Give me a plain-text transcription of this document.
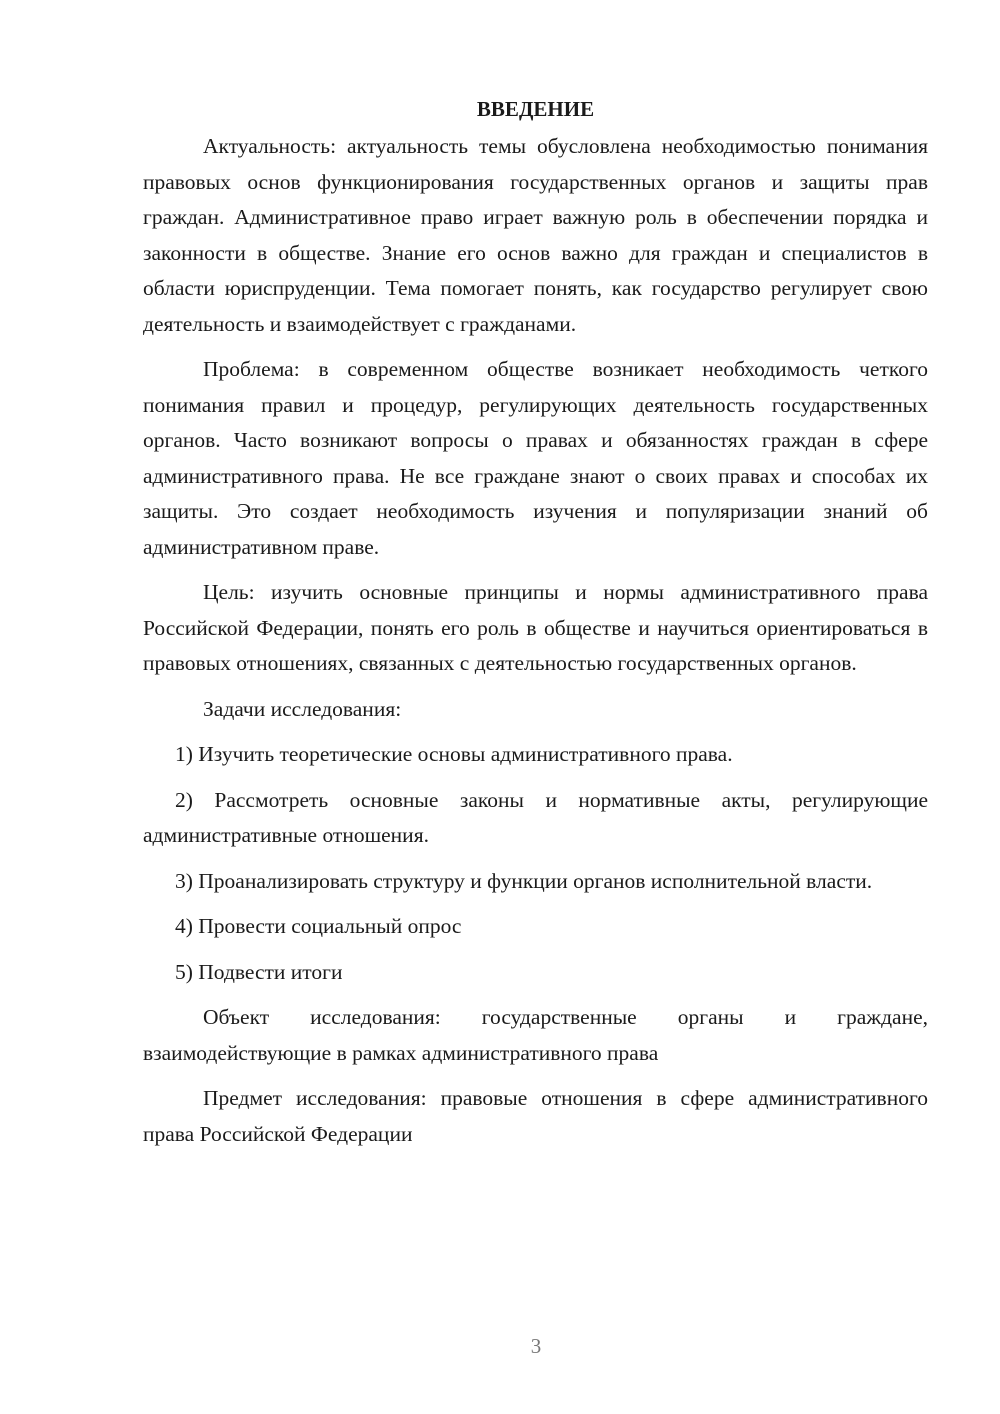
ВВЕДЕНИЕ

Актуальность: актуальность темы обусловлена необходимостью понимания правовых основ функционирования государственных органов и защиты прав граждан. Административное право играет важную роль в обеспечении порядка и законности в обществе. Знание его основ важно для граждан и специалистов в области юриспруденции. Тема помогает понять, как государство регулирует свою деятельность и взаимодействует с гражданами.

Проблема: в современном обществе возникает необходимость четкого понимания правил и процедур, регулирующих деятельность государственных органов. Часто возникают вопросы о правах и обязанностях граждан в сфере административного права. Не все граждане знают о своих правах и способах их защиты. Это создает необходимость изучения и популяризации знаний об административном праве.

Цель: изучить основные принципы и нормы административного права Российской Федерации, понять его роль в обществе и научиться ориентироваться в правовых отношениях, связанных с деятельностью государственных органов.

Задачи исследования:

1) Изучить теоретические основы административного права.

2) Рассмотреть основные законы и нормативные акты, регулирующие административные отношения.

3) Проанализировать структуру и функции органов исполнительной власти.

4) Провести социальный опрос

5) Подвести итоги

Объект исследования: государственные органы и граждане, взаимодействующие в рамках административного права

Предмет исследования: правовые отношения в сфере административного права Российской Федерации

3
